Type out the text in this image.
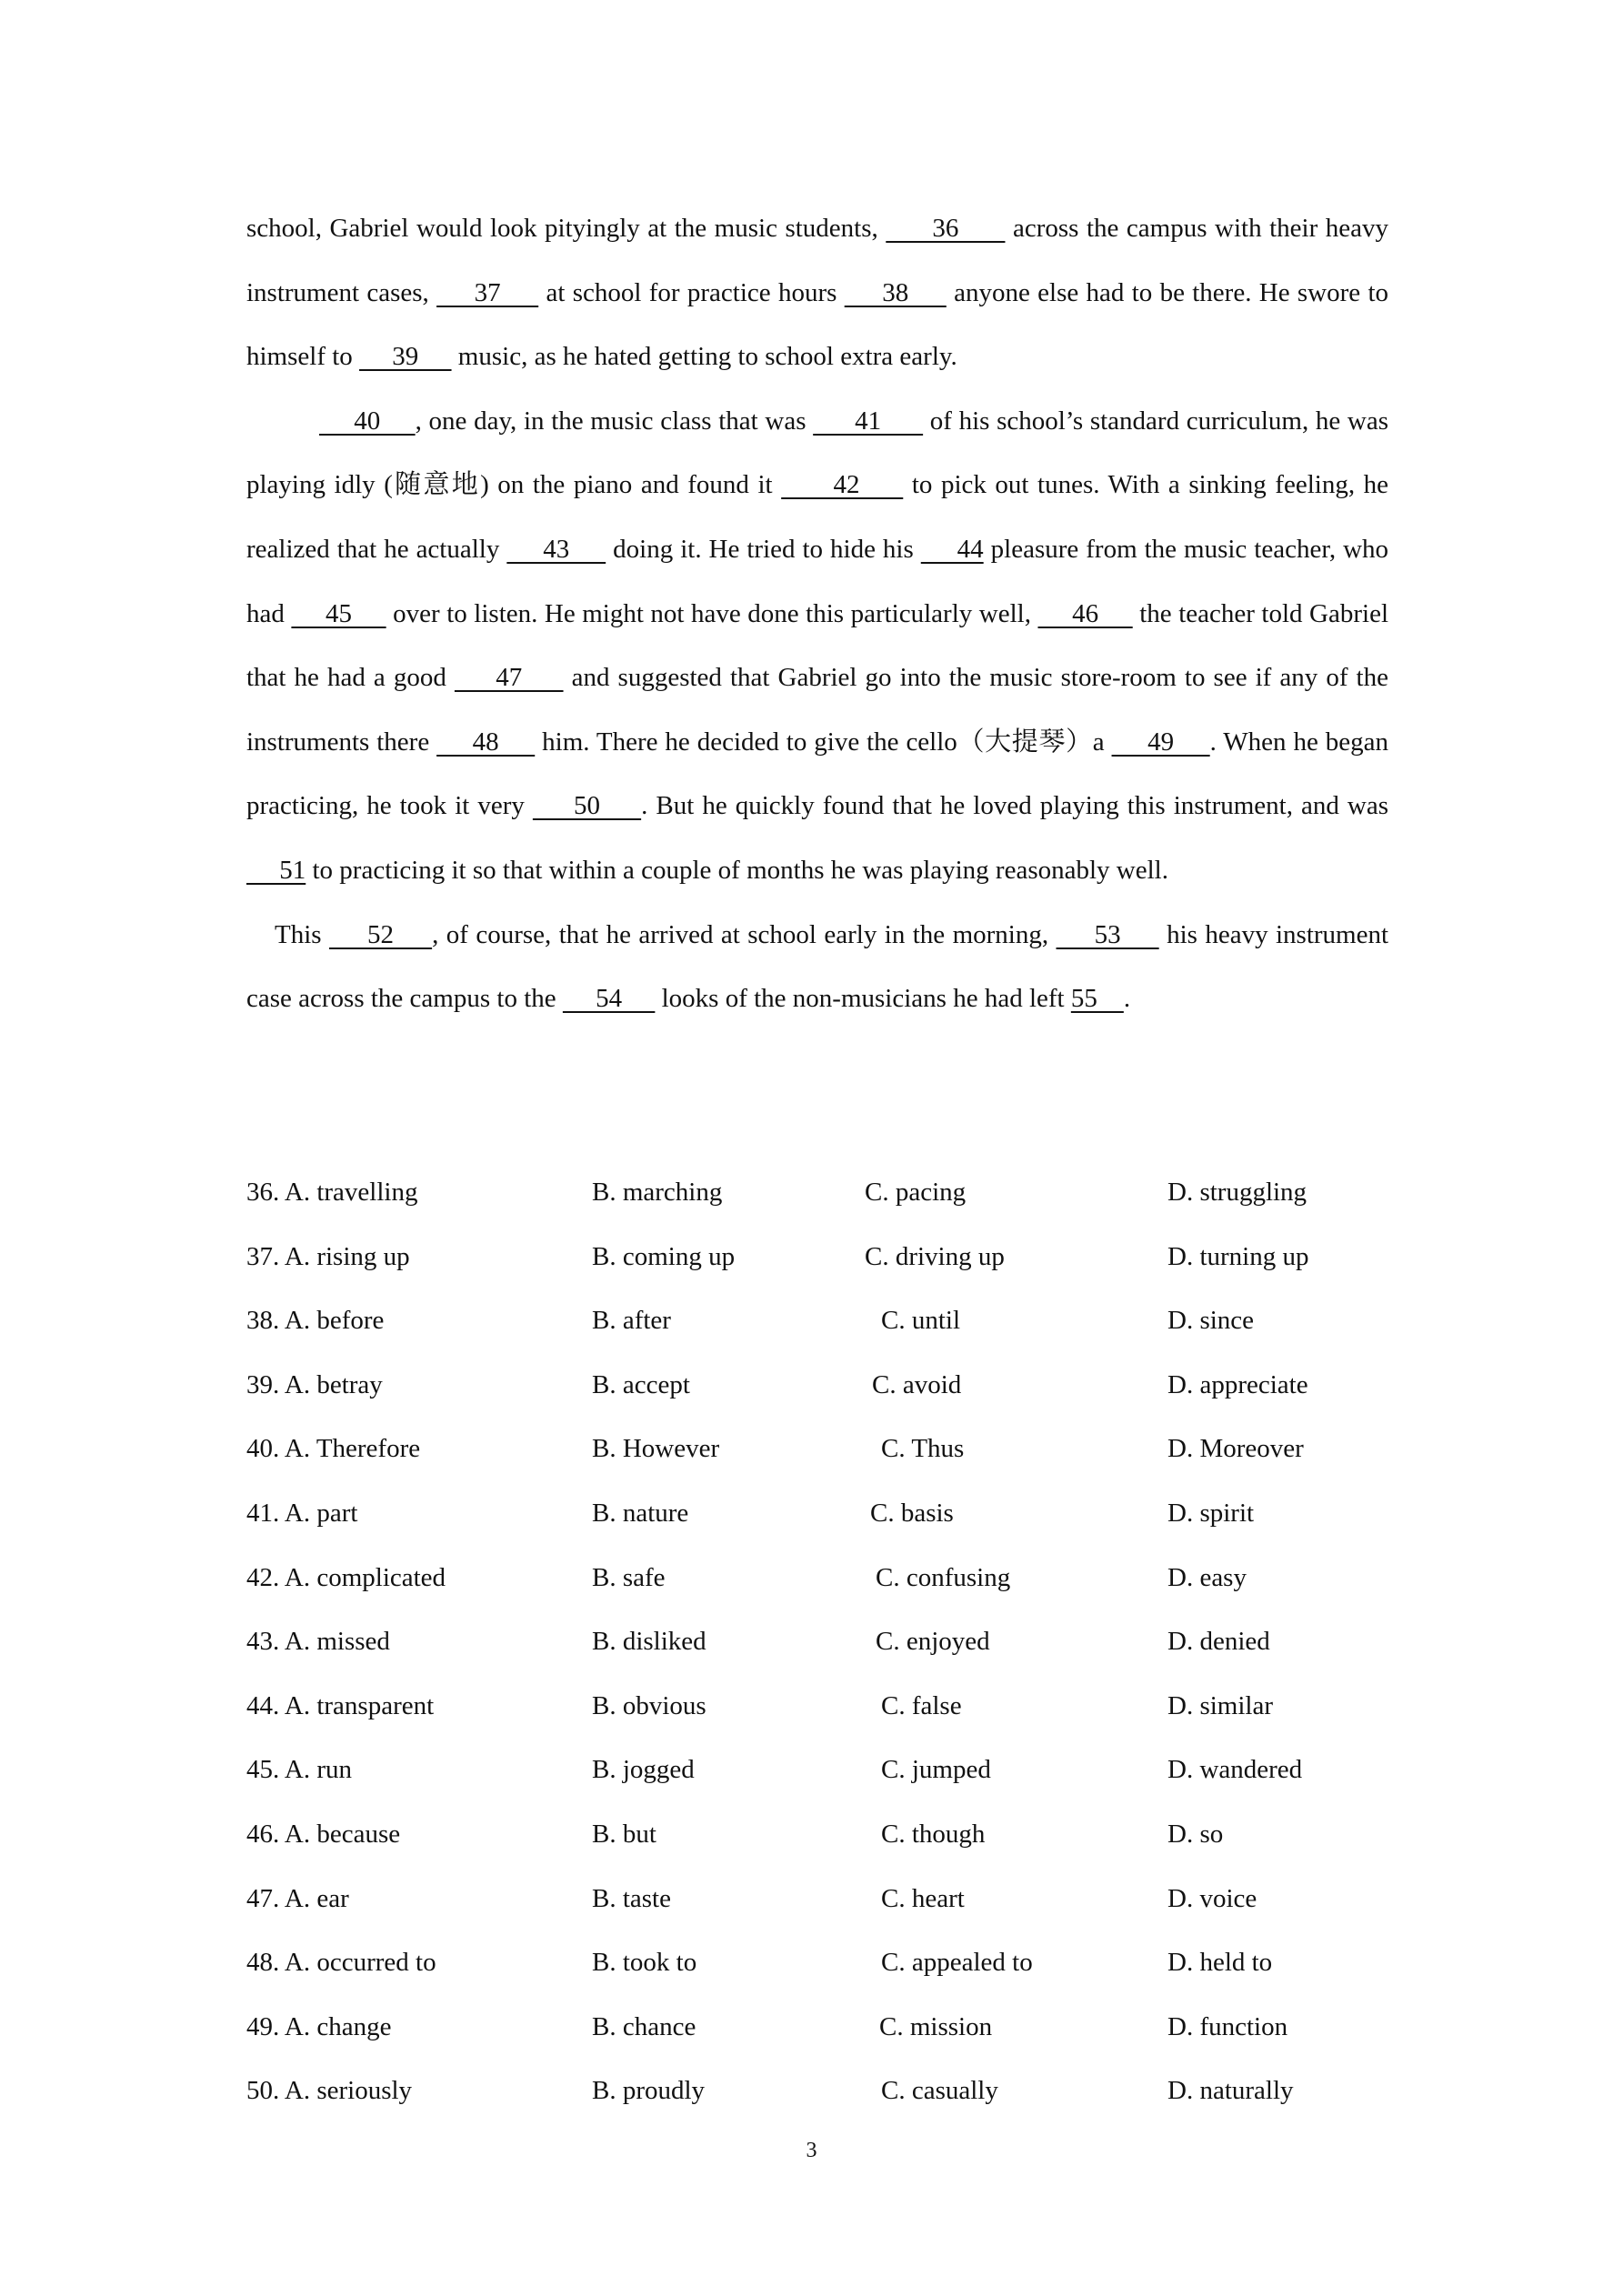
school, Gabriel would look pityingly at the music students,       36       across the campus with their heavy instrument cases,      37      at school for practice hours      38      anyone else had to be there. He swore to himself to      39      music, as he hated getting to school extra early.

40     , one day, in the music class that was       41       of his school’s standard curriculum, he was playing idly (随意地) on the piano and found it       42      to pick out tunes. With a sinking feeling, he realized that he actually      43      doing it. He tried to hide his      44 pleasure from the music teacher, who had      45      over to listen. He might not have done this particularly well,      46      the teacher told Gabriel that he had a good      47      and suggested that Gabriel go into the music store-room to see if any of the instruments there      48      him. There he decided to give the cello（大提琴）a      49     . When he began practicing, he took it very      50     . But he quickly found that he loved playing this instrument, and was      51 to practicing it so that within a couple of months he was playing reasonably well.

This      52     , of course, that he arrived at school early in the morning,      53      his heavy instrument case across the campus to the      54      looks of the non-musicians he had left 55    .

36. A. travelling	B. marching	C. pacing	D. struggling
37. A. rising up	B. coming up	C. driving up	D. turning up
38. A. before	B. after	C. until	D. since
39. A. betray	B. accept	C. avoid	D. appreciate
40. A. Therefore	B. However	C. Thus	D. Moreover
41. A. part	B. nature	C. basis	D. spirit
42. A. complicated	B. safe	C. confusing	D. easy
43. A. missed	B. disliked	C. enjoyed	D. denied
44. A. transparent	B. obvious	C. false	D. similar
45. A. run	B. jogged	C. jumped	D. wandered
46. A. because	B. but	C. though	D. so
47. A. ear	B. taste	C. heart	D. voice
48. A. occurred to	B. took to	C. appealed to	D. held to
49. A. change	B. chance	C. mission	D. function
50. A. seriously	B. proudly	C. casually	D. naturally
3
